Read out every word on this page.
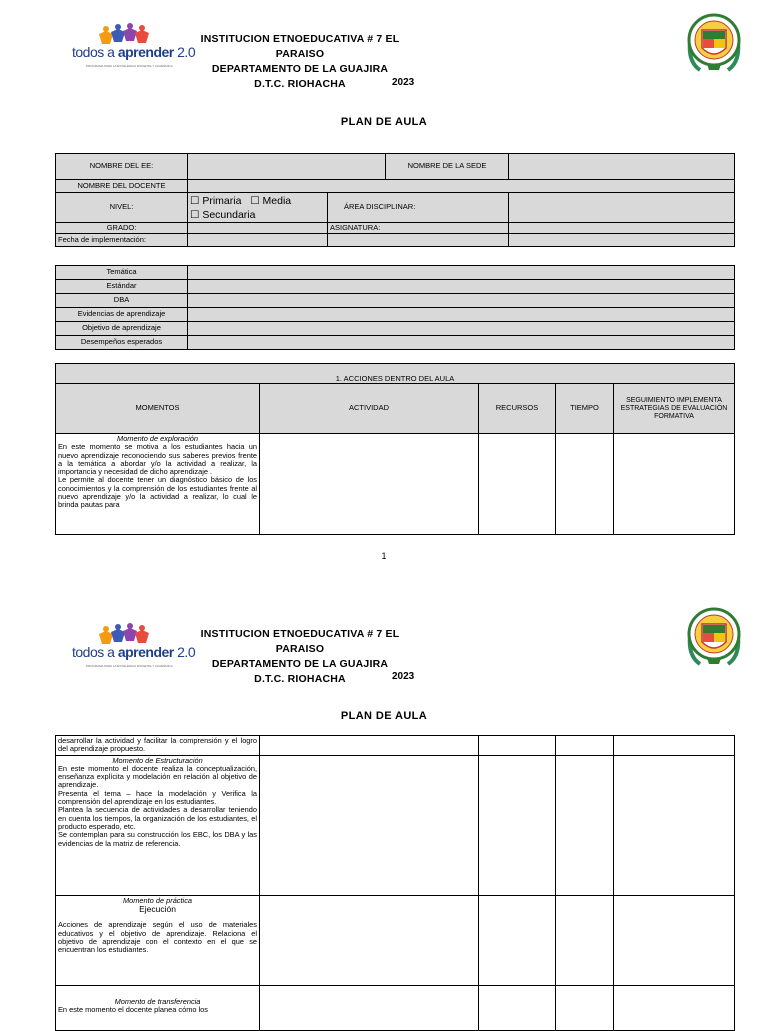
todos a aprender 2.0
PROGRAMA PARA LA EXCELENCIA DOCENTE Y ACADÉMICA
INSTITUCION ETNOEDUCATIVA # 7 EL PARAISO
DEPARTAMENTO DE LA GUAJIRA
D.T.C. RIOHACHA	2023
PLAN DE AULA
NOMBRE DEL EE:			NOMBRE DE LA SEDE	
NOMBRE DEL DOCENTE				
NIVEL:	☐ Primaria ☐ Media
☐ Secundaria	ÁREA DISCIPLINAR:		
GRADO:		ASIGNATURA:		
Fecha de implementación:				
Temática	
Estándar	
DBA	
Evidencias de aprendizaje	
Objetivo de aprendizaje	
Desempeños esperados	
1. ACCIONES DENTRO DEL AULA				
MOMENTOS	ACTIVIDAD	RECURSOS	TIEMPO	SEGUIMIENTO IMPLEMENTA ESTRATEGIAS DE EVALUACIÓN FORMATIVA

Momento de exploración
En este momento se motiva a los estudiantes hacia un nuevo aprendizaje reconociendo sus saberes previos frente a la temática a abordar y/o la actividad a realizar, la importancia y necesidad de dicho aprendizaje .
Le permite al docente tener un diagnóstico básico de los conocimientos y la comprensión de los estudiantes frente al nuevo aprendizaje y/o la actividad a realizar, lo cual le brinda pautas para				
1
todos a aprender 2.0
PROGRAMA PARA LA EXCELENCIA DOCENTE Y ACADÉMICA
INSTITUCION ETNOEDUCATIVA # 7 EL PARAISO
DEPARTAMENTO DE LA GUAJIRA
D.T.C. RIOHACHA	2023
PLAN DE AULA
desarrollar la actividad y facilitar la comprensión y el logro del aprendizaje propuesto.				

Momento de Estructuración
En este momento el docente realiza la conceptualización, enseñanza explícita y modelación en relación al objetivo de aprendizaje.
Presenta el tema – hace la modelación y Verifica la comprensión del aprendizaje en los estudiantes.
Plantea la secuencia de actividades a desarrollar teniendo en cuenta los tiempos, la organización de los estudiantes, el producto esperado, etc.
Se contemplan para su construcción los EBC, los DBA y las evidencias de la matriz de referencia.				

Momento de práctica
Ejecución

Acciones de aprendizaje según el uso de materiales educativos y el objetivo de aprendizaje. Relaciona el objetivo de aprendizaje con el contexto en el que se encuentran los estudiantes.				

Momento de transferencia
En este momento el docente planea cómo los				
